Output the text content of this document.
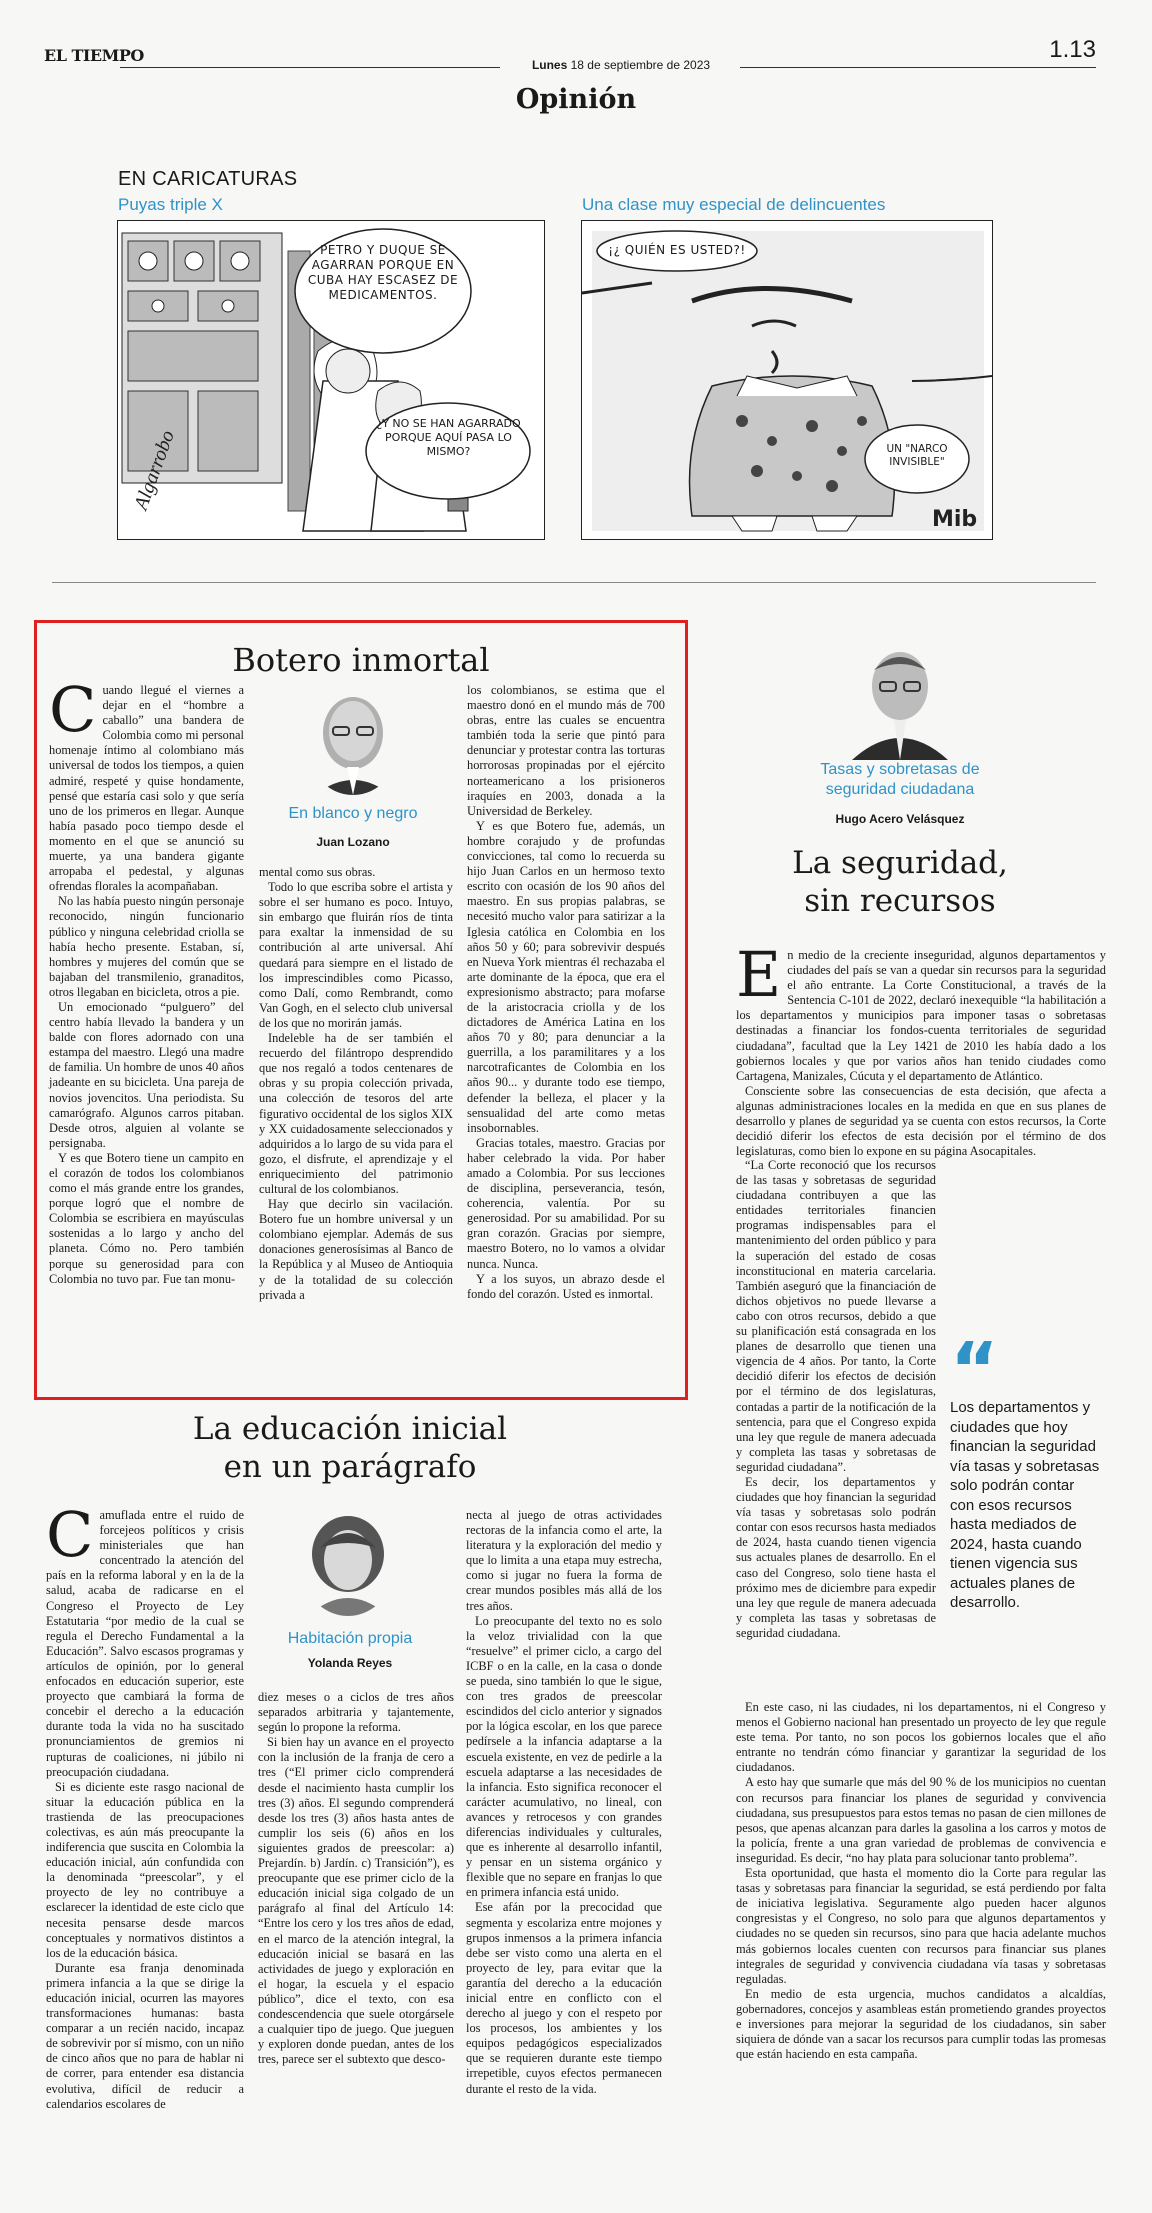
EL TIEMPO	Lunes 18 de septiembre de 2023
1.13
Opinión
EN CARICATURAS
Puyas triple X	Una clase muy especial de delincuentes
Algarrobo
PETRO Y DUQUE SE AGARRAN PORQUE EN CUBA HAY ESCASEZ DE MEDICAMENTOS.
¿Y NO SE HAN AGARRADO PORQUE AQUÍ PASA LO MISMO?
Mib
¡¿ QUIÉN ES USTED?!
UN "NARCO INVISIBLE"
Botero inmortal

Cuando llegué el viernes a dejar en el “hombre a caballo” una bandera de Colombia como mi personal homenaje íntimo al colombiano más universal de todos los tiempos, a quien admiré, respeté y quise hondamente, pensé que estaría casi solo y que sería uno de los primeros en llegar. Aunque había pasado poco tiempo desde el momento en el que se anunció su muerte, ya una bandera gigante arropaba el pedestal, y algunas ofrendas florales la acompañaban.

No las había puesto ningún personaje reconocido, ningún funcionario público y ninguna celebridad criolla se había hecho presente. Estaban, sí, hombres y mujeres del común que se bajaban del transmilenio, granaditos, otros llegaban en bicicleta, otros a pie.

Un emocionado “pulguero” del centro había llevado la bandera y un balde con flores adornado con una estampa del maestro. Llegó una madre de familia. Un hombre de unos 40 años jadeante en su bicicleta. Una pareja de novios jovencitos. Una periodista. Su camarógrafo. Algunos carros pitaban. Desde otros, alguien al volante se persignaba.

Y es que Botero tiene un campito en el corazón de todos los colombianos como el más grande entre los grandes, porque logró que el nombre de Colombia se escribiera en mayúsculas sostenidas a lo largo y ancho del planeta. Cómo no. Pero también porque su generosidad para con Colombia no tuvo par. Fue tan monu-

En blanco y negro
Juan Lozano

mental como sus obras.

Todo lo que escriba sobre el artista y sobre el ser humano es poco. Intuyo, sin embargo que fluirán ríos de tinta para exaltar la inmensidad de su contribución al arte universal. Ahí quedará para siempre en el listado de los imprescindibles como Picasso, como Dalí, como Rembrandt, como Van Gogh, en el selecto club universal de los que no morirán jamás.

Indeleble ha de ser también el recuerdo del filántropo desprendido que nos regaló a todos centenares de obras y su propia colección privada, una colección de tesoros del arte figurativo occidental de los siglos XIX y XX cuidadosamente seleccionados y adquiridos a lo largo de su vida para el gozo, el disfrute, el aprendizaje y el enriquecimiento del patrimonio cultural de los colombianos.

Hay que decirlo sin vacilación. Botero fue un hombre universal y un colombiano ejemplar. Además de sus donaciones generosísimas al Banco de la República y al Museo de Antioquia y de la totalidad de su colección privada a

los colombianos, se estima que el maestro donó en el mundo más de 700 obras, entre las cuales se encuentra también toda la serie que pintó para denunciar y protestar contra las torturas horrorosas propinadas por el ejército norteamericano a los prisioneros iraquíes en 2003, donada a la Universidad de Berkeley.

Y es que Botero fue, además, un hombre corajudo y de profundas convicciones, tal como lo recuerda su hijo Juan Carlos en un hermoso texto escrito con ocasión de los 90 años del maestro. En sus propias palabras, se necesitó mucho valor para satirizar a la Iglesia católica en Colombia en los años 50 y 60; para sobrevivir después en Nueva York mientras él rechazaba el arte dominante de la época, que era el expresionismo abstracto; para mofarse de la aristocracia criolla y de los dictadores de América Latina en los años 70 y 80; para denunciar a la guerrilla, a los paramilitares y a los narcotraficantes de Colombia en los años 90... y durante todo ese tiempo, defender la belleza, el placer y la sensualidad del arte como metas insobornables.

Gracias totales, maestro. Gracias por haber celebrado la vida. Por haber amado a Colombia. Por sus lecciones de disciplina, perseverancia, tesón, coherencia, valentía. Por su generosidad. Por su amabilidad. Por su gran corazón. Gracias por siempre, maestro Botero, no lo vamos a olvidar nunca. Nunca.

Y a los suyos, un abrazo desde el fondo del corazón. Usted es inmortal.

La educación inicial
en un parágrafo

Camuflada entre el ruido de forcejeos políticos y crisis ministeriales que han concentrado la atención del país en la reforma laboral y en la de la salud, acaba de radicarse en el Congreso el Proyecto de Ley Estatutaria “por medio de la cual se regula el Derecho Fundamental a la Educación”. Salvo escasos programas y artículos de opinión, por lo general enfocados en educación superior, este proyecto que cambiará la forma de concebir el derecho a la educación durante toda la vida no ha suscitado pronunciamientos de gremios ni rupturas de coaliciones, ni júbilo ni preocupación ciudadana.

Si es diciente este rasgo nacional de situar la educación pública en la trastienda de las preocupaciones colectivas, es aún más preocupante la indiferencia que suscita en Colombia la educación inicial, aún confundida con la denominada “preescolar”, y el proyecto de ley no contribuye a esclarecer la identidad de este ciclo que necesita pensarse desde marcos conceptuales y normativos distintos a los de la educación básica.

Durante esa franja denominada primera infancia a la que se dirige la educación inicial, ocurren las mayores transformaciones humanas: basta comparar a un recién nacido, incapaz de sobrevivir por sí mismo, con un niño de cinco años que no para de hablar ni de correr, para entender esa distancia evolutiva, difícil de reducir a calendarios escolares de

Habitación propia
Yolanda Reyes

diez meses o a ciclos de tres años separados arbitraria y tajantemente, según lo propone la reforma.

Si bien hay un avance en el proyecto con la inclusión de la franja de cero a tres (“El primer ciclo comprenderá desde el nacimiento hasta cumplir los tres (3) años. El segundo comprenderá desde los tres (3) años hasta antes de cumplir los seis (6) años en los siguientes grados de preescolar: a) Prejardín. b) Jardín. c) Transición”), es preocupante que ese primer ciclo de la educación inicial siga colgado de un parágrafo al final del Artículo 14: “Entre los cero y los tres años de edad, en el marco de la atención integral, la educación inicial se basará en las actividades de juego y exploración en el hogar, la escuela y el espacio público”, dice el texto, con esa condescendencia que suele otorgársele a cualquier tipo de juego. Que jueguen y exploren donde puedan, antes de los tres, parece ser el subtexto que desco-

necta al juego de otras actividades rectoras de la infancia como el arte, la literatura y la exploración del medio y que lo limita a una etapa muy estrecha, como si jugar no fuera la forma de crear mundos posibles más allá de los tres años.

Lo preocupante del texto no es solo la veloz trivialidad con la que “resuelve” el primer ciclo, a cargo del ICBF o en la calle, en la casa o donde se pueda, sino también lo que le sigue, con tres grados de preescolar escindidos del ciclo anterior y signados por la lógica escolar, en los que parece pedírsele a la infancia adaptarse a la escuela existente, en vez de pedirle a la escuela adaptarse a las necesidades de la infancia. Esto significa reconocer el carácter acumulativo, no lineal, con avances y retrocesos y con grandes diferencias individuales y culturales, que es inherente al desarrollo infantil, y pensar en un sistema orgánico y flexible que no separe en franjas lo que en primera infancia está unido.

Ese afán por la precocidad que segmenta y escolariza entre mojones y grupos inmensos a la primera infancia debe ser visto como una alerta en el proyecto de ley, para evitar que la garantía del derecho a la educación inicial entre en conflicto con el derecho al juego y con el respeto por los procesos, los ambientes y los equipos pedagógicos especializados que se requieren durante este tiempo irrepetible, cuyos efectos permanecen durante el resto de la vida.

Tasas y sobretasas de
seguridad ciudadana
Hugo Acero Velásquez
La seguridad,
sin recursos

En medio de la creciente inseguridad, algunos departamentos y ciudades del país se van a quedar sin recursos para la seguridad el año entrante. La Corte Constitucional, a través de la Sentencia C-101 de 2022, declaró inexequible “la habilitación a los departamentos y municipios para imponer tasas o sobretasas destinadas a financiar los fondos-cuenta territoriales de seguridad ciudadana”, facultad que la Ley 1421 de 2010 les había dado a los gobiernos locales y que por varios años han tenido ciudades como Cartagena, Manizales, Cúcuta y el departamento de Atlántico.

Consciente sobre las consecuencias de esta decisión, que afecta a algunas administraciones locales en la medida en que en sus planes de desarrollo y planes de seguridad ya se cuenta con estos recursos, la Corte decidió diferir los efectos de esta decisión por el término de dos legislaturas, como bien lo expone en su página Asocapitales.

“La Corte reconoció que los recursos de las tasas y sobretasas de seguridad ciudadana contribuyen a que las entidades territoriales financien programas indispensables para el mantenimiento del orden público y para la superación del estado de cosas inconstitucional en materia carcelaria. También aseguró que la financiación de dichos objetivos no puede llevarse a cabo con otros recursos, debido a que su planificación está consagrada en los planes de desarrollo que tienen una vigencia de 4 años. Por tanto, la Corte decidió diferir los efectos de decisión por el término de dos legislaturas, contadas a partir de la notificación de la sentencia, para que el Congreso expida una ley que regule de manera adecuada y completa las tasas y sobretasas de seguridad ciudadana”.

Es decir, los departamentos y ciudades que hoy financian la seguridad vía tasas y sobretasas solo podrán contar con esos recursos hasta mediados de 2024, hasta cuando tienen vigencia sus actuales planes de desarrollo. En el caso del Congreso, solo tiene hasta el próximo mes de diciembre para expedir una ley que regule de manera adecuada y completa las tasas y sobretasas de seguridad ciudadana.

“
Los departamentos y ciudades que hoy financian la seguridad vía tasas y sobretasas solo podrán contar con esos recursos hasta mediados de 2024, hasta cuando tienen vigencia sus actuales planes de desarrollo.

En este caso, ni las ciudades, ni los departamentos, ni el Congreso y menos el Gobierno nacional han presentado un proyecto de ley que regule este tema. Por tanto, no son pocos los gobiernos locales que el año entrante no tendrán cómo financiar y garantizar la seguridad de los ciudadanos.

A esto hay que sumarle que más del 90 % de los municipios no cuentan con recursos para financiar los planes de seguridad y convivencia ciudadana, sus presupuestos para estos temas no pasan de cien millones de pesos, que apenas alcanzan para darles la gasolina a los carros y motos de la policía, frente a una gran variedad de problemas de convivencia e inseguridad. Es decir, “no hay plata para solucionar tanto problema”.

Esta oportunidad, que hasta el momento dio la Corte para regular las tasas y sobretasas para financiar la seguridad, se está perdiendo por falta de iniciativa legislativa. Seguramente algo pueden hacer algunos congresistas y el Congreso, no solo para que algunos departamentos y ciudades no se queden sin recursos, sino para que hacia adelante muchos más gobiernos locales cuenten con recursos para financiar sus planes integrales de seguridad y convivencia ciudadana vía tasas y sobretasas reguladas.

En medio de esta urgencia, muchos candidatos a alcaldías, gobernadores, concejos y asambleas están prometiendo grandes proyectos e inversiones para mejorar la seguridad de los ciudadanos, sin saber siquiera de dónde van a sacar los recursos para cumplir todas las promesas que están haciendo en esta campaña.
